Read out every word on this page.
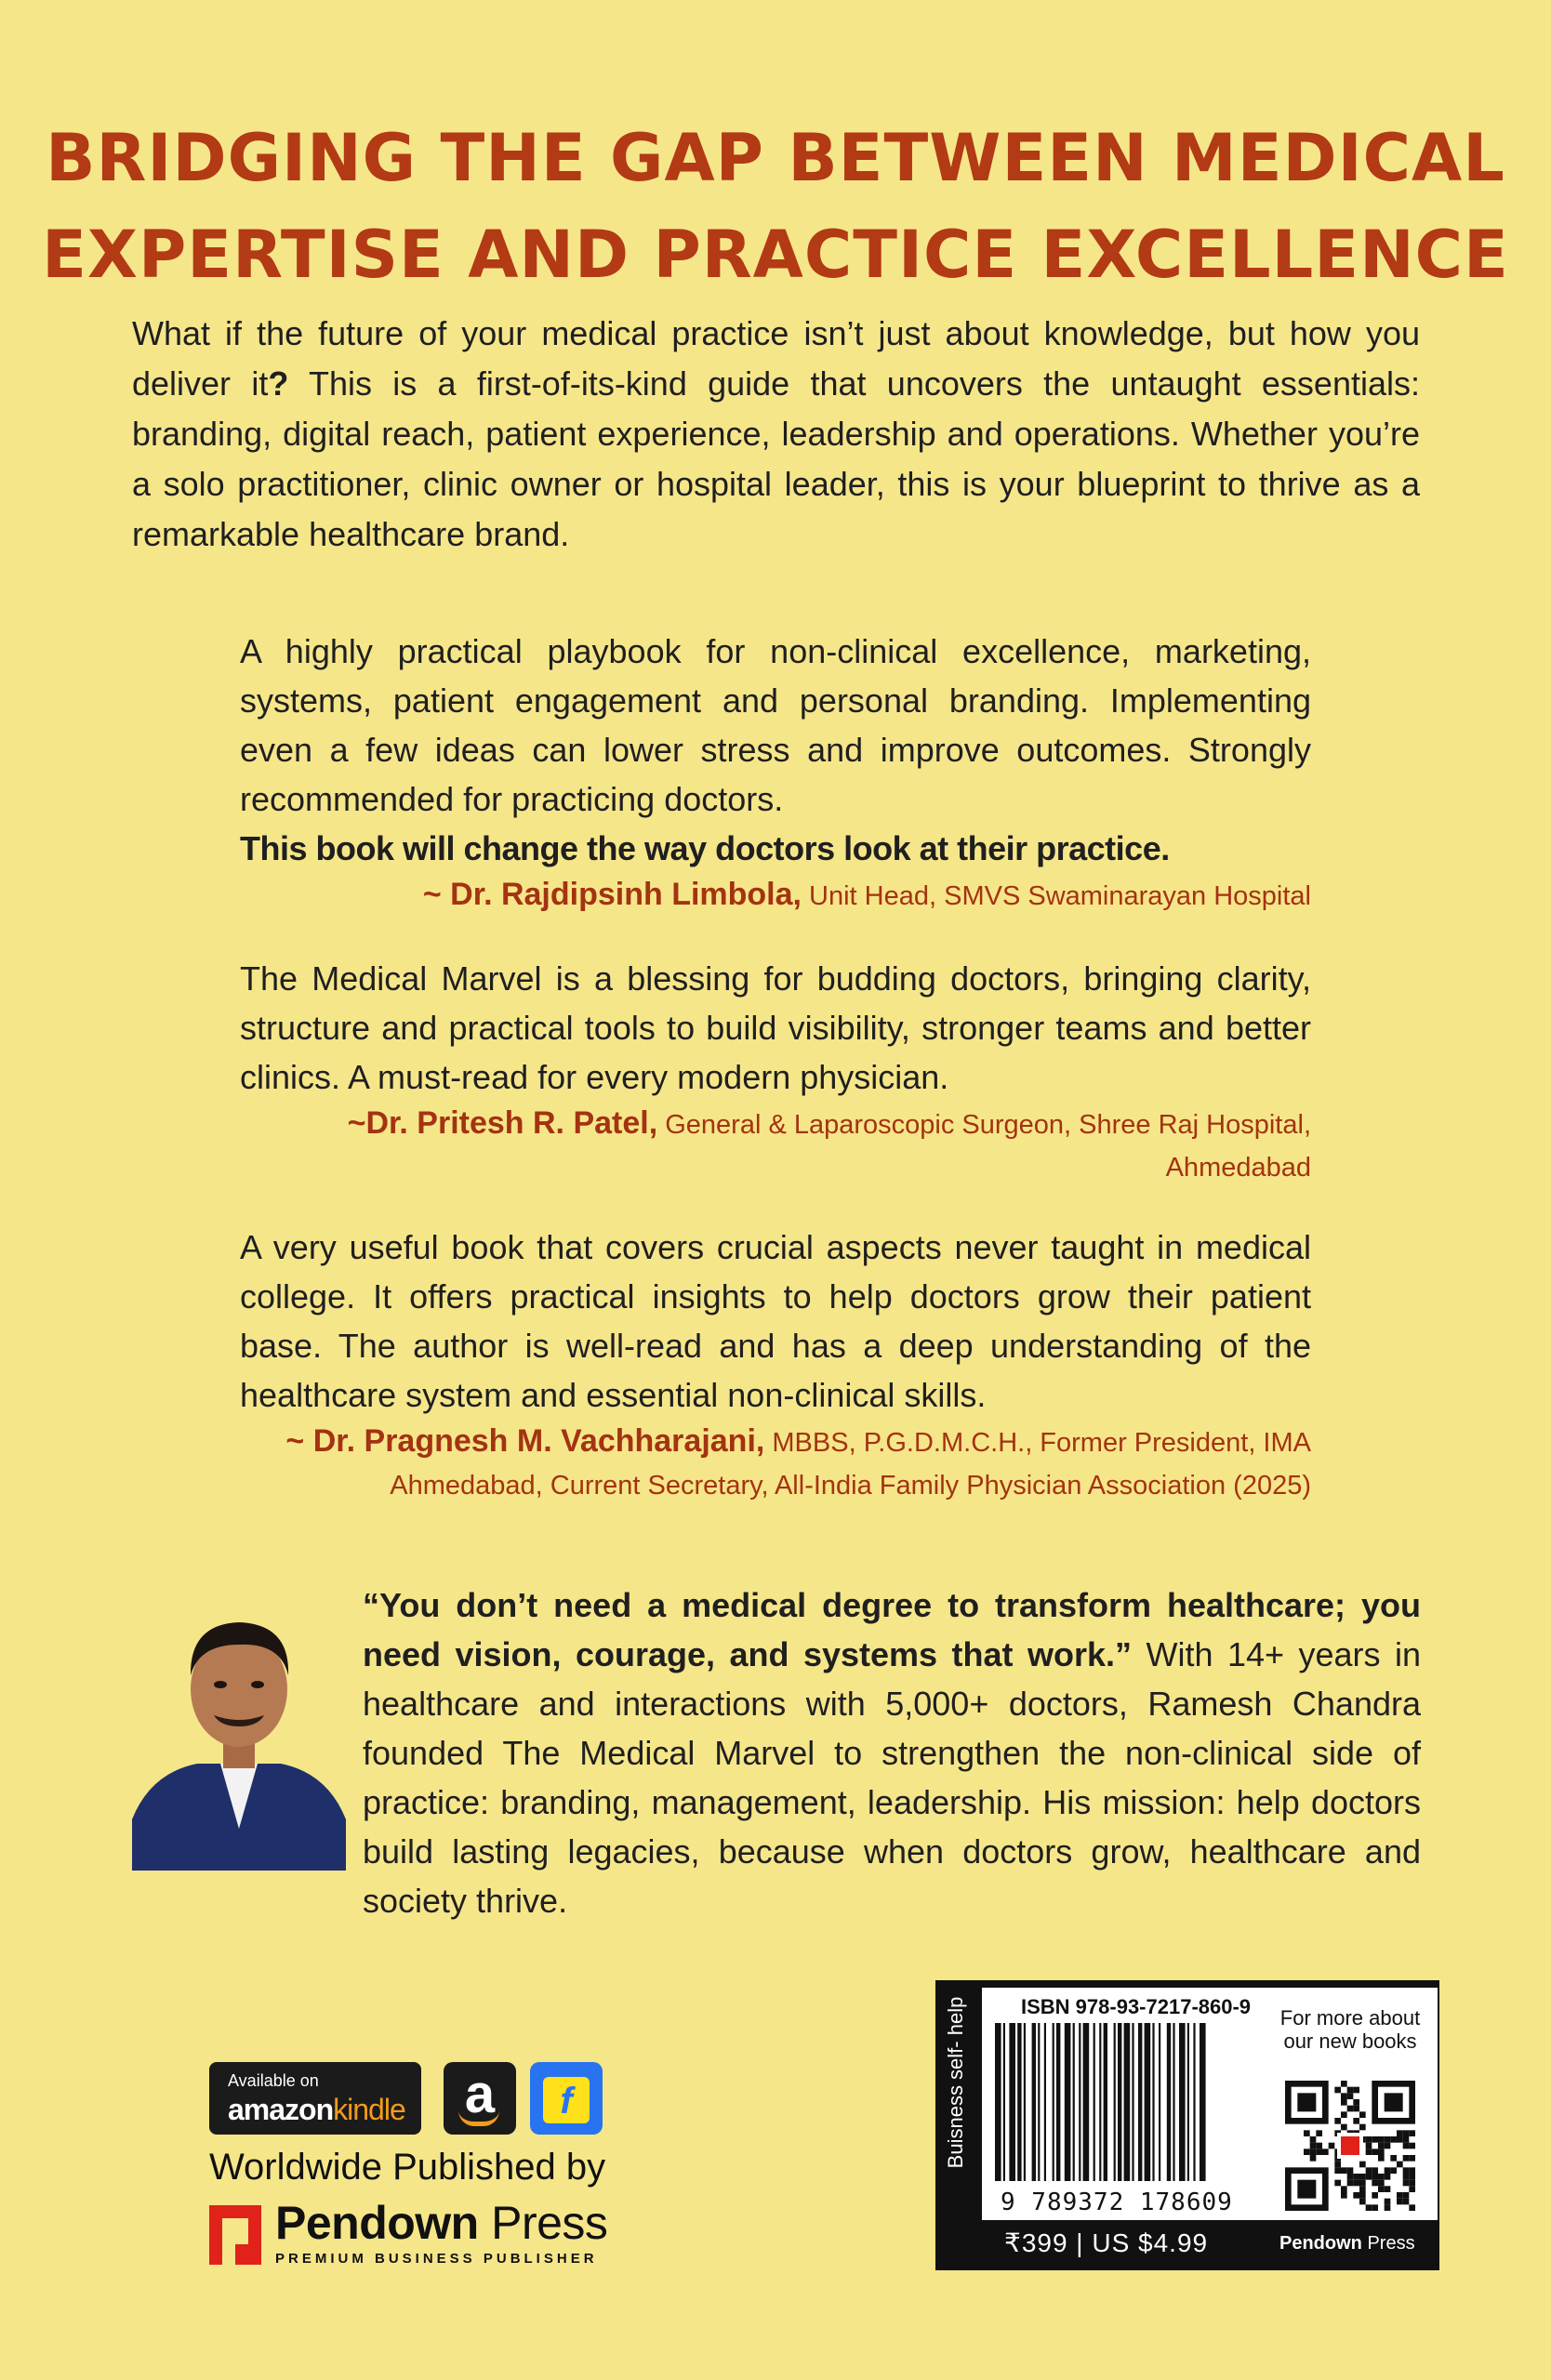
BRIDGING THE GAP BETWEEN MEDICAL
EXPERTISE AND PRACTICE EXCELLENCE
What if the future of your medical practice isn’t just about knowledge, but how you deliver it? This is a first-of-its-kind guide that uncovers the untaught essentials: branding, digital reach, patient experience, leadership and operations. Whether you’re a solo practitioner, clinic owner or hospital leader, this is your blueprint to thrive as a remarkable healthcare brand.
A highly practical playbook for non-clinical excellence, marketing, systems, patient engagement and personal branding. Implementing even a few ideas can lower stress and improve outcomes. Strongly recommended for practicing doctors.
This book will change the way doctors look at their practice.
~ Dr. Rajdipsinh Limbola, Unit Head, SMVS Swaminarayan Hospital
The Medical Marvel is a blessing for budding doctors, bringing clarity, structure and practical tools to build visibility, stronger teams and better clinics. A must-read for every modern physician.
~Dr. Pritesh R. Patel, General & Laparoscopic Surgeon, Shree Raj Hospital, Ahmedabad
A very useful book that covers crucial aspects never taught in medical college. It offers practical insights to help doctors grow their patient base. The author is well-read and has a deep understanding of the healthcare system and essential non-clinical skills.
~ Dr. Pragnesh M. Vachharajani, MBBS, P.G.D.M.C.H., Former President, IMA Ahmedabad, Current Secretary, All-India Family Physician Association (2025)
“You don’t need a medical degree to transform healthcare; you need vision, courage, and systems that work.” With 14+ years in healthcare and interactions with 5,000+ doctors, Ramesh Chandra founded The Medical Marvel to strengthen the non-clinical side of practice: branding, management, leadership. His mission: help doctors build lasting legacies, because when doctors grow, healthcare and society thrive.
Available on
amazonkindle	a	f
Worldwide Published by
Pendown Press
PREMIUM BUSINESS PUBLISHER
Buisness self- help	ISBN 978-93-7217-860-9
9 789372 178609
For more about our new books
₹399 | US $4.99	Pendown Press
